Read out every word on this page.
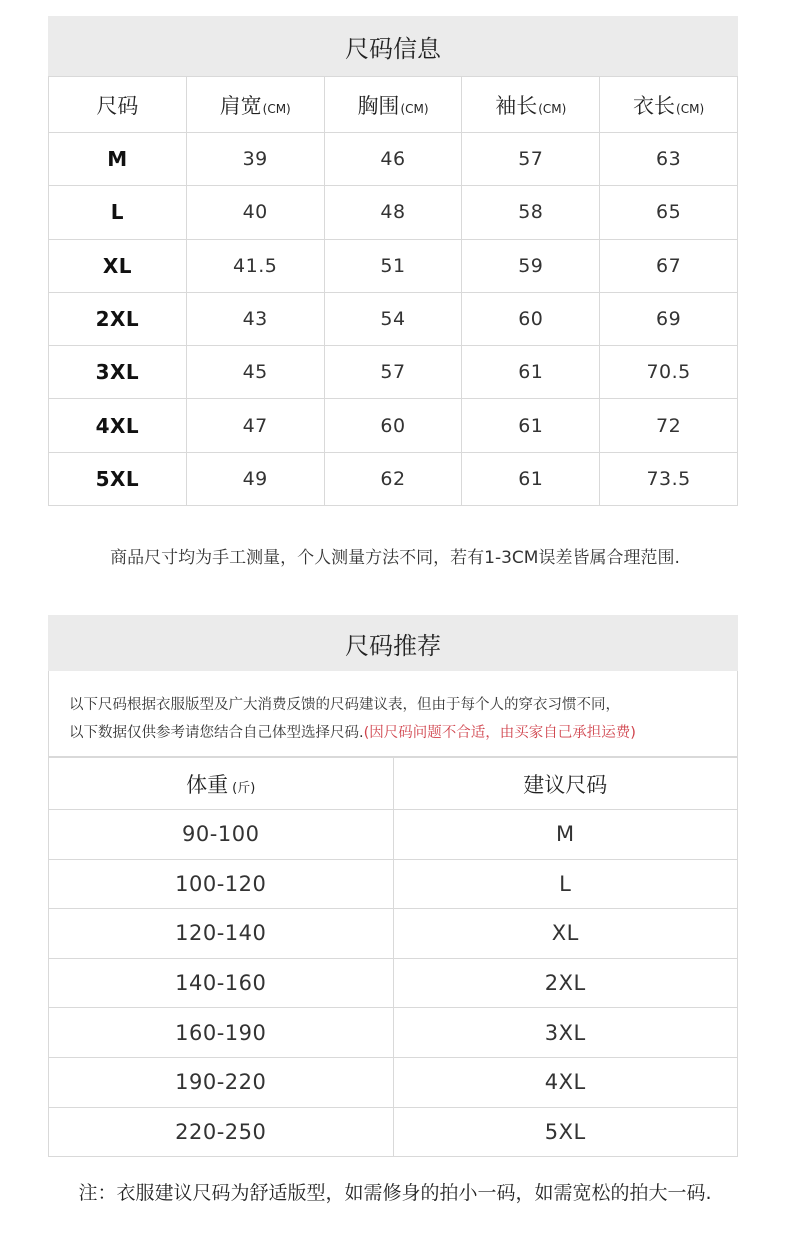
尺码信息
尺码	肩宽(CM)	胸围(CM)	袖长(CM)	衣长(CM)
M	39	46	57	63
L	40	48	58	65
XL	41.5	51	59	67
2XL	43	54	60	69
3XL	45	57	61	70.5
4XL	47	60	61	72
5XL	49	62	61	73.5
商品尺寸均为手工测量，个人测量方法不同，若有1-3CM误差皆属合理范围.
尺码推荐
以下尺码根据衣服版型及广大消费反馈的尺码建议表，但由于每个人的穿衣习惯不同，
以下数据仅供参考请您结合自己体型选择尺码.(因尺码问题不合适，由买家自己承担运费)
体重 (斤)	建议尺码
90-100	M
100-120	L
120-140	XL
140-160	2XL
160-190	3XL
190-220	4XL
220-250	5XL
注：衣服建议尺码为舒适版型，如需修身的拍小一码，如需宽松的拍大一码.
